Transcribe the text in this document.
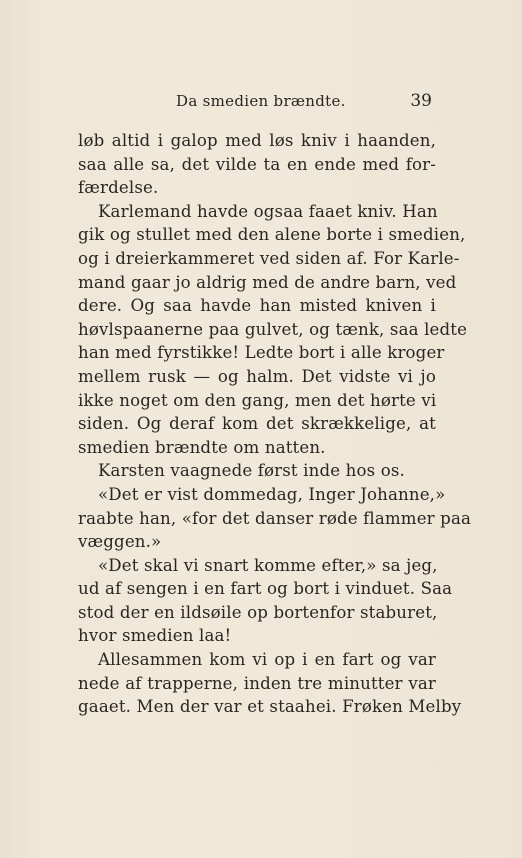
Da smedien brændte.	39
løb altid i galop med løs kniv i haanden,
saa alle sa, det vilde ta en ende med for-
færdelse.
Karlemand havde ogsaa faaet kniv. Han
gik og stullet med den alene borte i smedien,
og i dreierkammeret ved siden af. For Karle-
mand gaar jo aldrig med de andre barn, ved
dere. Og saa havde han misted kniven i
høvlspaanerne paa gulvet, og tænk, saa ledte
han med fyrstikke! Ledte bort i alle kroger
mellem rusk — og halm. Det vidste vi jo
ikke noget om den gang, men det hørte vi
siden. Og deraf kom det skrækkelige, at
smedien brændte om natten.
Karsten vaagnede først inde hos os.
«Det er vist dommedag, Inger Johanne,»
raabte han, «for det danser røde flammer paa
væggen.»
«Det skal vi snart komme efter,» sa jeg,
ud af sengen i en fart og bort i vinduet. Saa
stod der en ildsøile op bortenfor staburet,
hvor smedien laa!
Allesammen kom vi op i en fart og var
nede af trapperne, inden tre minutter var
gaaet. Men der var et staahei. Frøken Melby
